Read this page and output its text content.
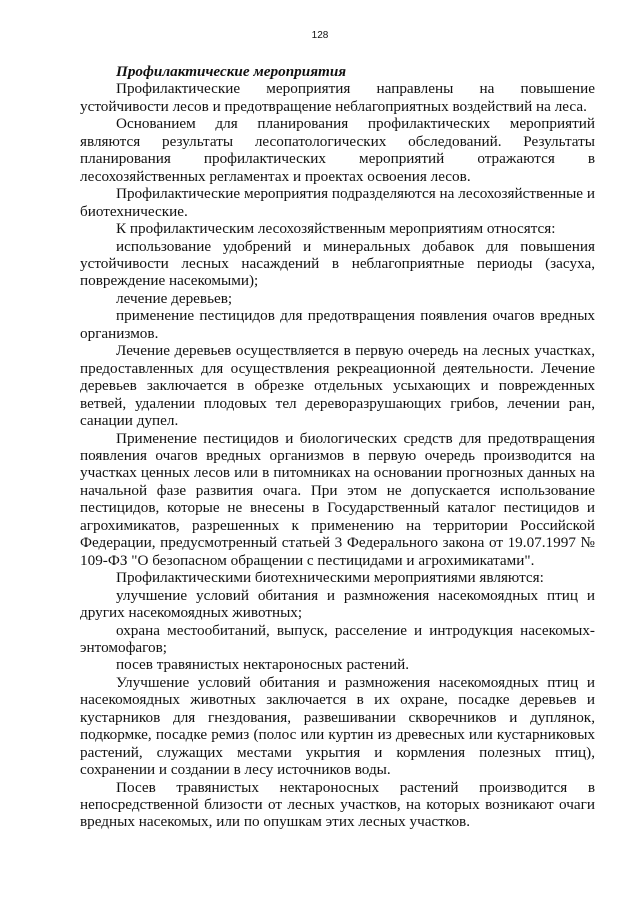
128
Профилактические мероприятия

Профилактические мероприятия направлены на повышение устойчивости лесов и предотвращение неблагоприятных воздействий на леса.

Основанием для планирования профилактических мероприятий являются результаты лесопатологических обследований. Результаты планирования профилактических мероприятий отражаются в лесохозяйственных регламентах и проектах освоения лесов.

Профилактические мероприятия подразделяются на лесохозяйственные и биотехнические.

К профилактическим лесохозяйственным мероприятиям относятся:

использование удобрений и минеральных добавок для повышения устойчивости лесных насаждений в неблагоприятные периоды (засуха, повреждение насекомыми);

лечение деревьев;

применение пестицидов для предотвращения появления очагов вредных организмов.

Лечение деревьев осуществляется в первую очередь на лесных участках, предоставленных для осуществления рекреационной деятельности. Лечение деревьев заключается в обрезке отдельных усыхающих и поврежденных ветвей, удалении плодовых тел дереворазрушающих грибов, лечении ран, санации дупел.

Применение пестицидов и биологических средств для предотвращения появления очагов вредных организмов в первую очередь производится на участках ценных лесов или в питомниках на основании прогнозных данных на начальной фазе развития очага. При этом не допускается использование пестицидов, которые не внесены в Государственный каталог пестицидов и агрохимикатов, разрешенных к применению на территории Российской Федерации, предусмотренный статьей 3 Федерального закона от 19.07.1997 № 109-ФЗ "О безопасном обращении с пестицидами и агрохимикатами".

Профилактическими биотехническими мероприятиями являются:

улучшение условий обитания и размножения насекомоядных птиц и других насекомоядных животных;

охрана местообитаний, выпуск, расселение и интродукция насекомых-энтомофагов;

посев травянистых нектароносных растений.

Улучшение условий обитания и размножения насекомоядных птиц и насекомоядных животных заключается в их охране, посадке деревьев и кустарников для гнездования, развешивании скворечников и дуплянок, подкормке, посадке ремиз (полос или куртин из древесных или кустарниковых растений, служащих местами укрытия и кормления полезных птиц), сохранении и создании в лесу источников воды.

Посев травянистых нектароносных растений производится в непосредственной близости от лесных участков, на которых возникают очаги вредных насекомых, или по опушкам этих лесных участков.
